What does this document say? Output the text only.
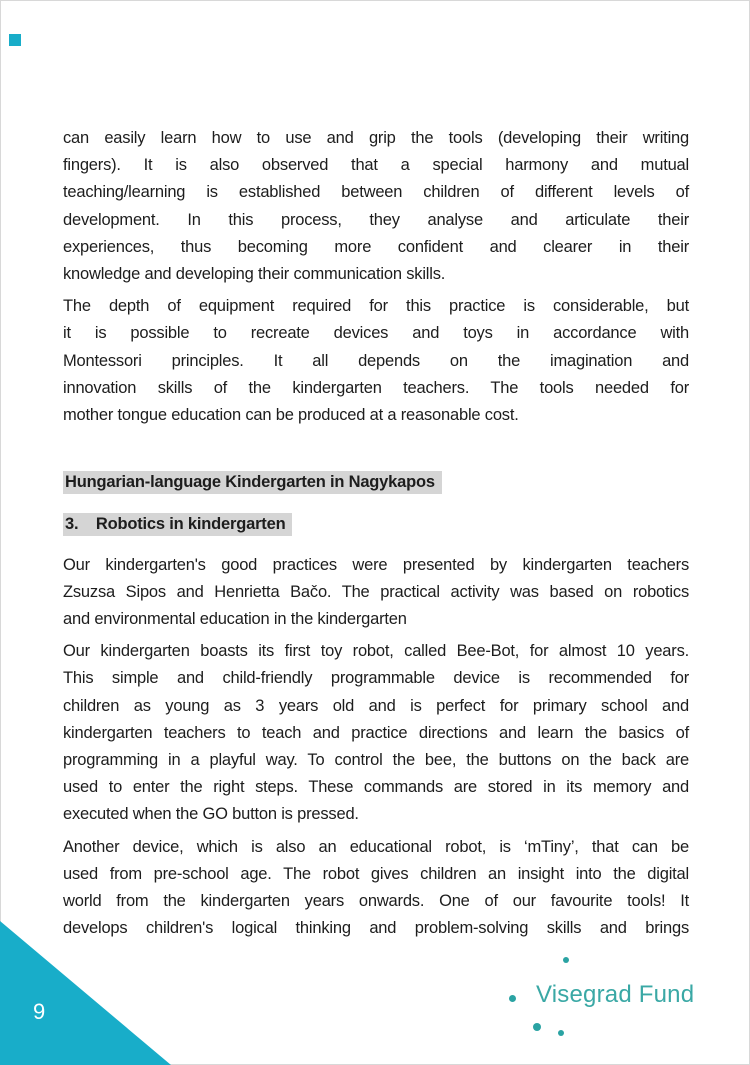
can easily learn how to use and grip the tools (developing their writing
fingers). It is also observed that a special harmony and mutual
teaching/learning is established between children of different levels of
development. In this process, they analyse and articulate their
experiences, thus becoming more confident and clearer in their
knowledge and developing their communication skills.
The depth of equipment required for this practice is considerable, but
it is possible to recreate devices and toys in accordance with
Montessori principles. It all depends on the imagination and
innovation skills of the kindergarten teachers. The tools needed for
mother tongue education can be produced at a reasonable cost.
Hungarian-language Kindergarten in Nagykapos
3.    Robotics in kindergarten
Our kindergarten's good practices were presented by kindergarten teachers
Zsuzsa Sipos and Henrietta Bačo. The practical activity was based on robotics
and environmental education in the kindergarten
Our kindergarten boasts its first toy robot, called Bee-Bot, for almost 10 years.
This simple and child-friendly programmable device is recommended for
children as young as 3 years old and is perfect for primary school and
kindergarten teachers to teach and practice directions and learn the basics of
programming in a playful way. To control the bee, the buttons on the back are
used to enter the right steps. These commands are stored in its memory and
executed when the GO button is pressed.
Another device, which is also an educational robot, is ‘mTiny’, that can be
used from pre-school age. The robot gives children an insight into the digital
world from the kindergarten years onwards. One of our favourite tools! It
develops children's logical thinking and problem-solving skills and brings
9
Visegrad Fund
